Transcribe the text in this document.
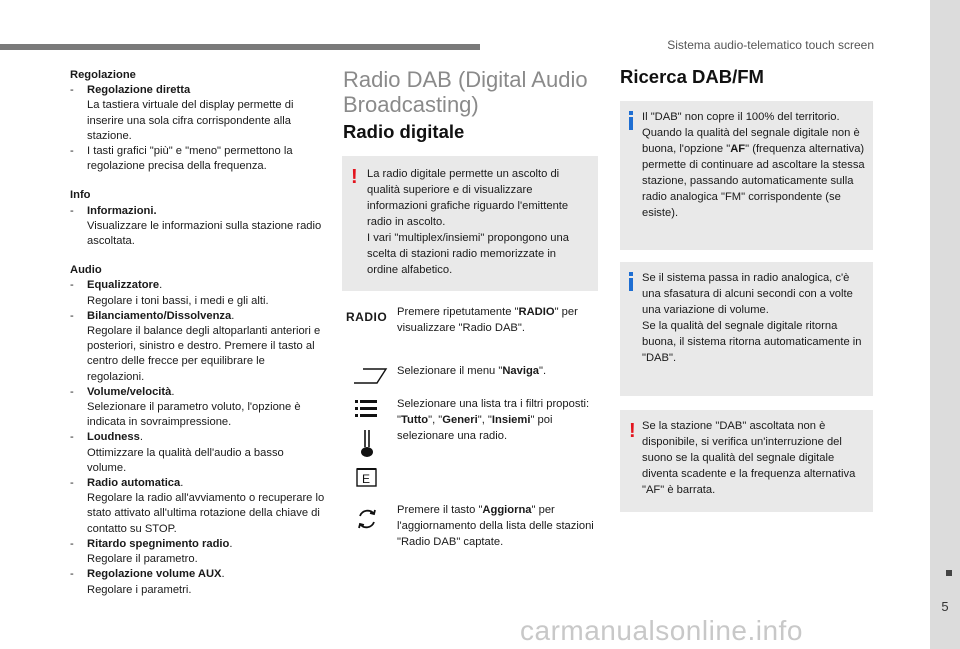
Sistema audio-telematico touch screen
5
Regolazione
- Regolazione diretta
La tastiera virtuale del display permette di inserire una sola cifra corrispondente alla stazione.
- I tasti grafici "più" e "meno" permettono la regolazione precisa della frequenza.
Info
- Informazioni.
Visualizzare le informazioni sulla stazione radio ascoltata.
Audio
- Equalizzatore.
Regolare i toni bassi, i medi e gli alti.
- Bilanciamento/Dissolvenza.
Regolare il balance degli altoparlanti anteriori e posteriori, sinistro e destro. Premere il tasto al centro delle frecce per equilibrare le regolazioni.
- Volume/velocità.
Selezionare il parametro voluto, l'opzione è indicata in sovraimpressione.
- Loudness.
Ottimizzare la qualità dell'audio a basso volume.
- Radio automatica.
Regolare la radio all'avviamento o recuperare lo stato attivato all'ultima rotazione della chiave di contatto su STOP.
- Ritardo spegnimento radio.
Regolare il parametro.
- Regolazione volume AUX.
Regolare i parametri.
Radio DAB (Digital Audio Broadcasting)
Radio digitale
! La radio digitale permette un ascolto di qualità superiore e di visualizzare informazioni grafiche riguardo l'emittente radio in ascolto.
I vari "multiplex/insiemi" propongono una scelta di stazioni radio memorizzate in ordine alfabetico.
RADIO
E
Premere ripetutamente "RADIO" per visualizzare "Radio DAB".
Selezionare il menu "Naviga".
Selezionare una lista tra i filtri proposti: "Tutto", "Generi", "Insiemi" poi selezionare una radio.
Premere il tasto "Aggiorna" per l'aggiornamento della lista delle stazioni "Radio DAB" captate.
Ricerca DAB/FM
Il "DAB" non copre il 100% del territorio. Quando la qualità del segnale digitale non è buona, l'opzione "AF" (frequenza alternativa) permette di continuare ad ascoltare la stessa stazione, passando automaticamente sulla radio analogica "FM" corrispondente (se esiste).
Se il sistema passa in radio analogica, c'è una sfasatura di alcuni secondi con a volte una variazione di volume.
Se la qualità del segnale digitale ritorna buona, il sistema ritorna automaticamente in "DAB".
! Se la stazione "DAB" ascoltata non è disponibile, si verifica un'interruzione del suono se la qualità del segnale digitale diventa scadente e la frequenza alternativa "AF" è barrata.
carmanualsonline.info
